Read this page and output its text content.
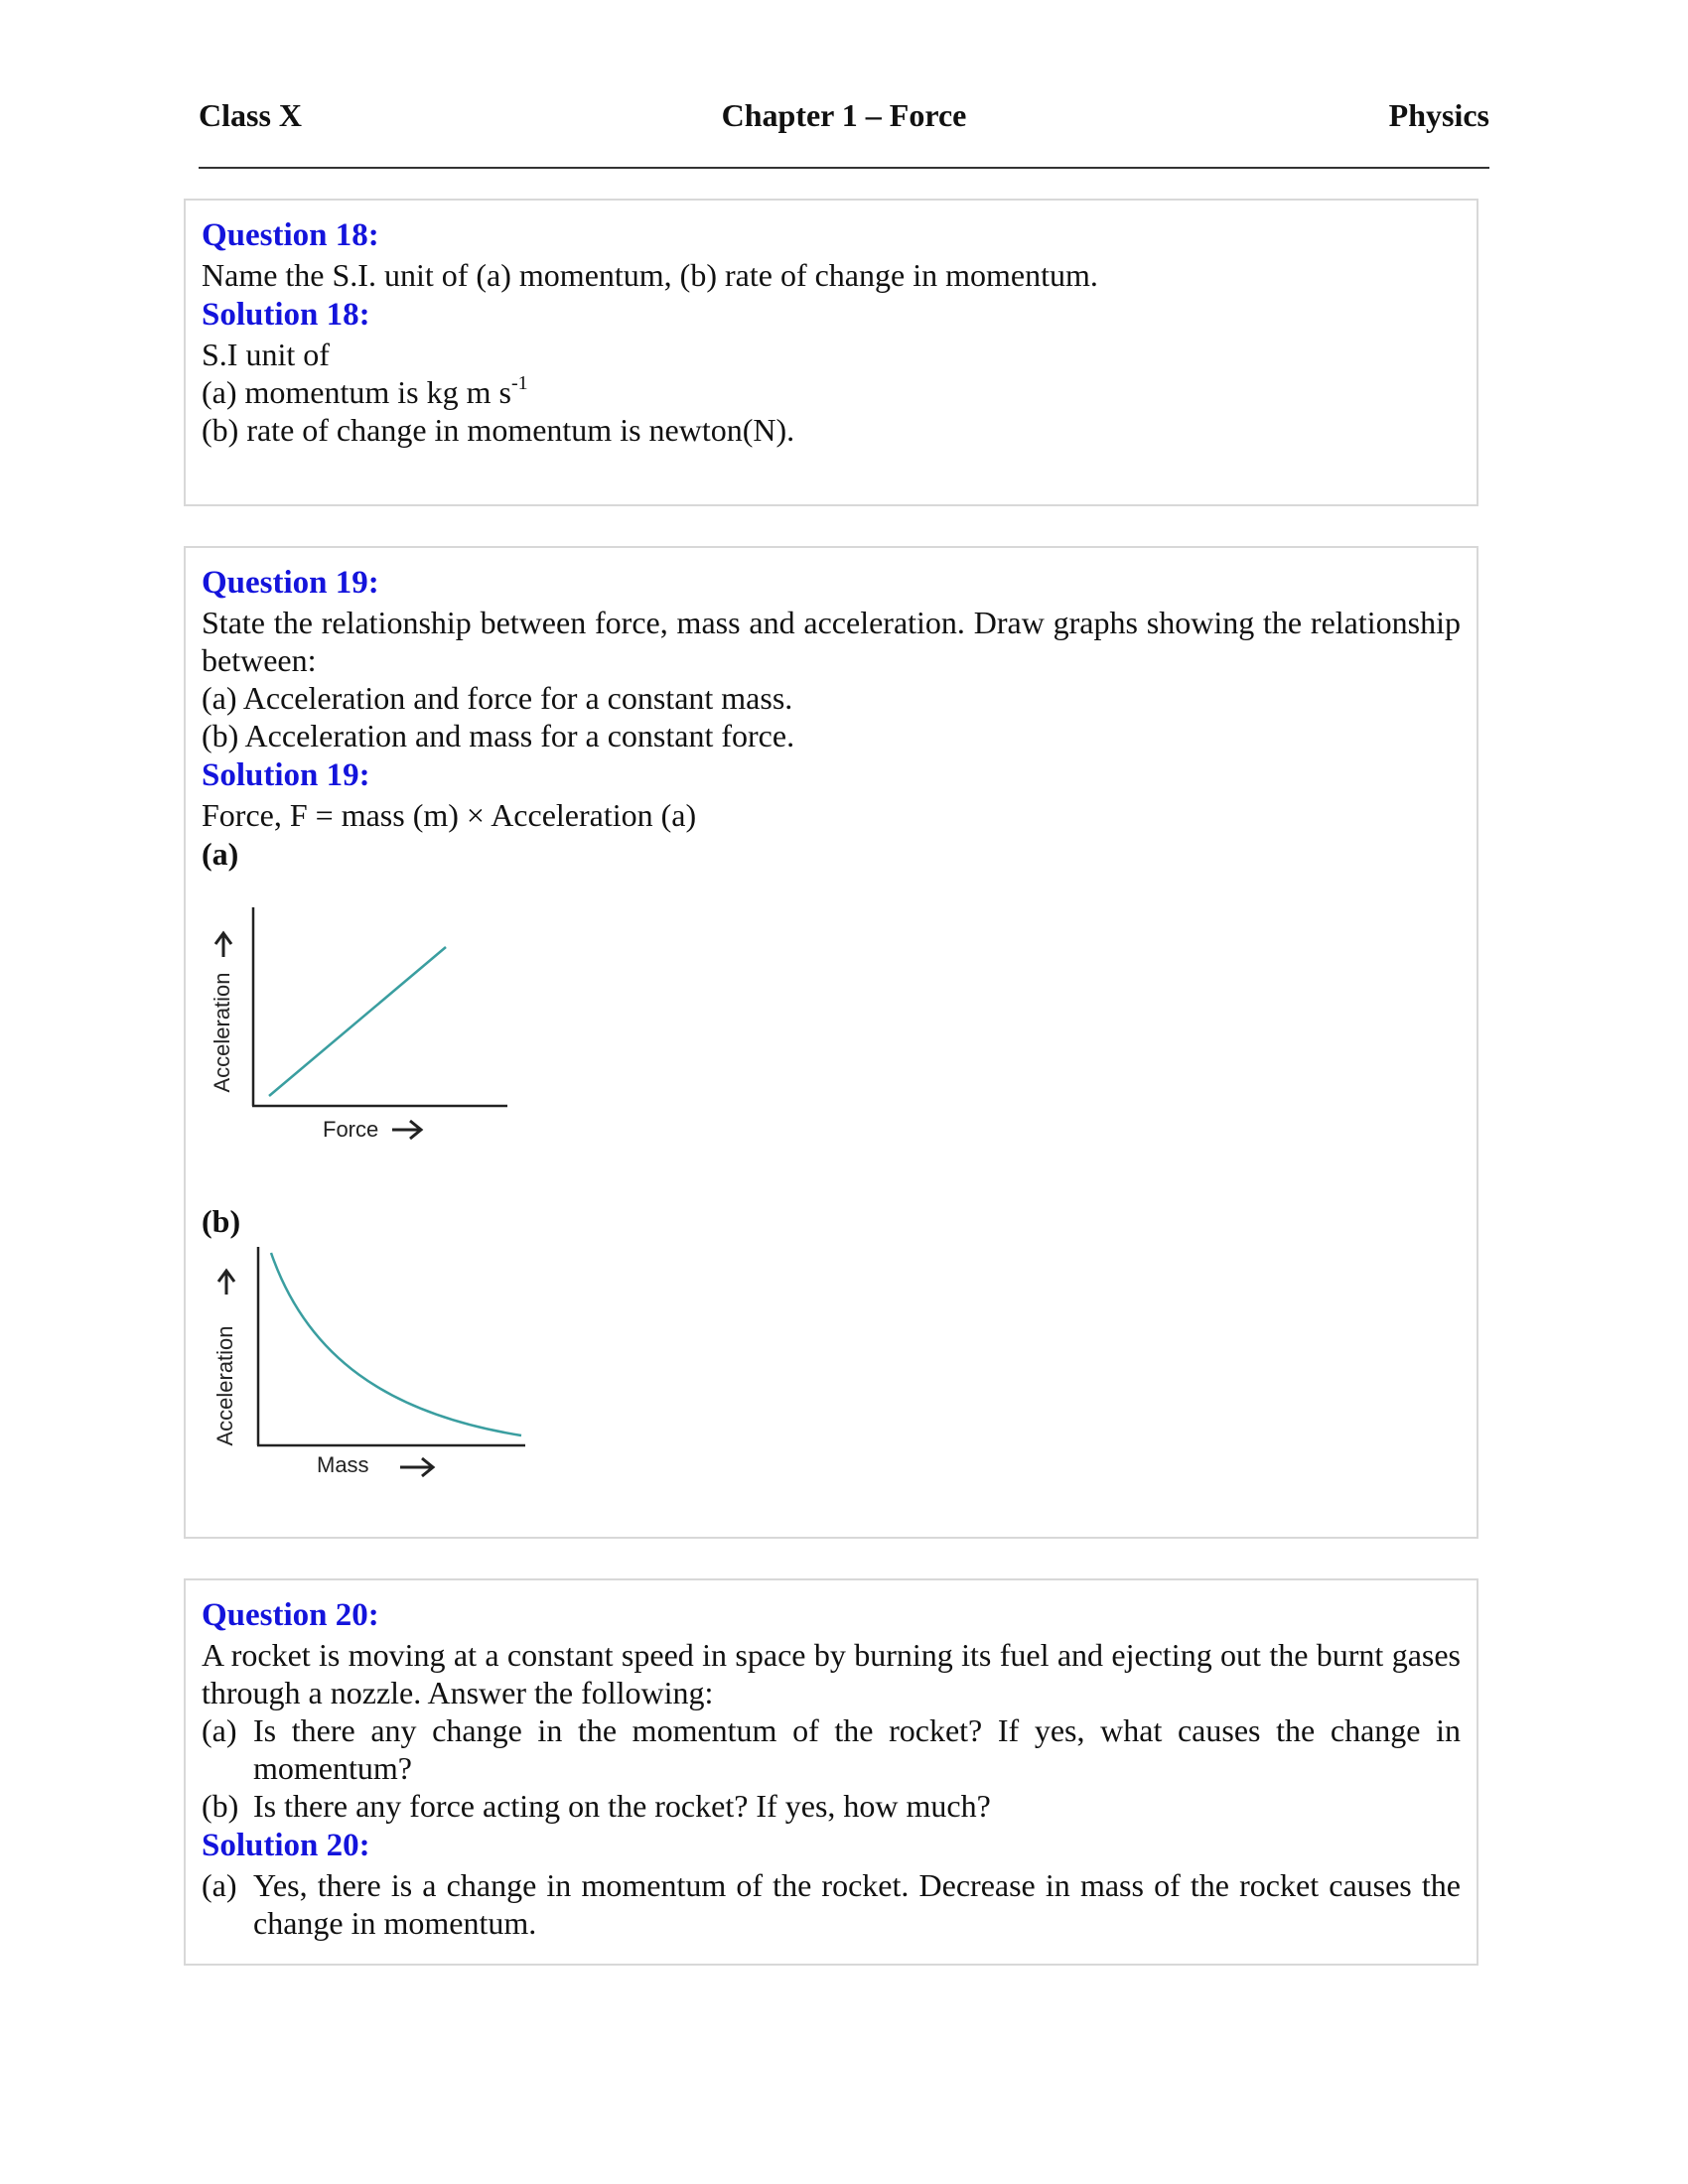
Class X	Chapter 1 – Force	Physics
Question 18:
Name the S.I. unit of (a) momentum, (b) rate of change in momentum.
Solution 18:
S.I unit of
(a) momentum is kg m $s^{-1}$
(b) rate of change in momentum is newton(N).
Question 19:
State the relationship between force, mass and acceleration. Draw graphs showing the relationship between:
(a) Acceleration and force for a constant mass.
(b) Acceleration and mass for a constant force.
Solution 19:
Force, F = mass (m) × Acceleration (a)
(a)
Acceleration
Force
(b)
Acceleration
Mass
Question 20:
A rocket is moving at a constant speed in space by burning its fuel and ejecting out the burnt gases through a nozzle. Answer the following:
(a) Is there any change in the momentum of the rocket? If yes, what causes the change in momentum?
(b) Is there any force acting on the rocket? If yes, how much?
Solution 20:
(a) Yes, there is a change in momentum of the rocket. Decrease in mass of the rocket causes the change in momentum.
